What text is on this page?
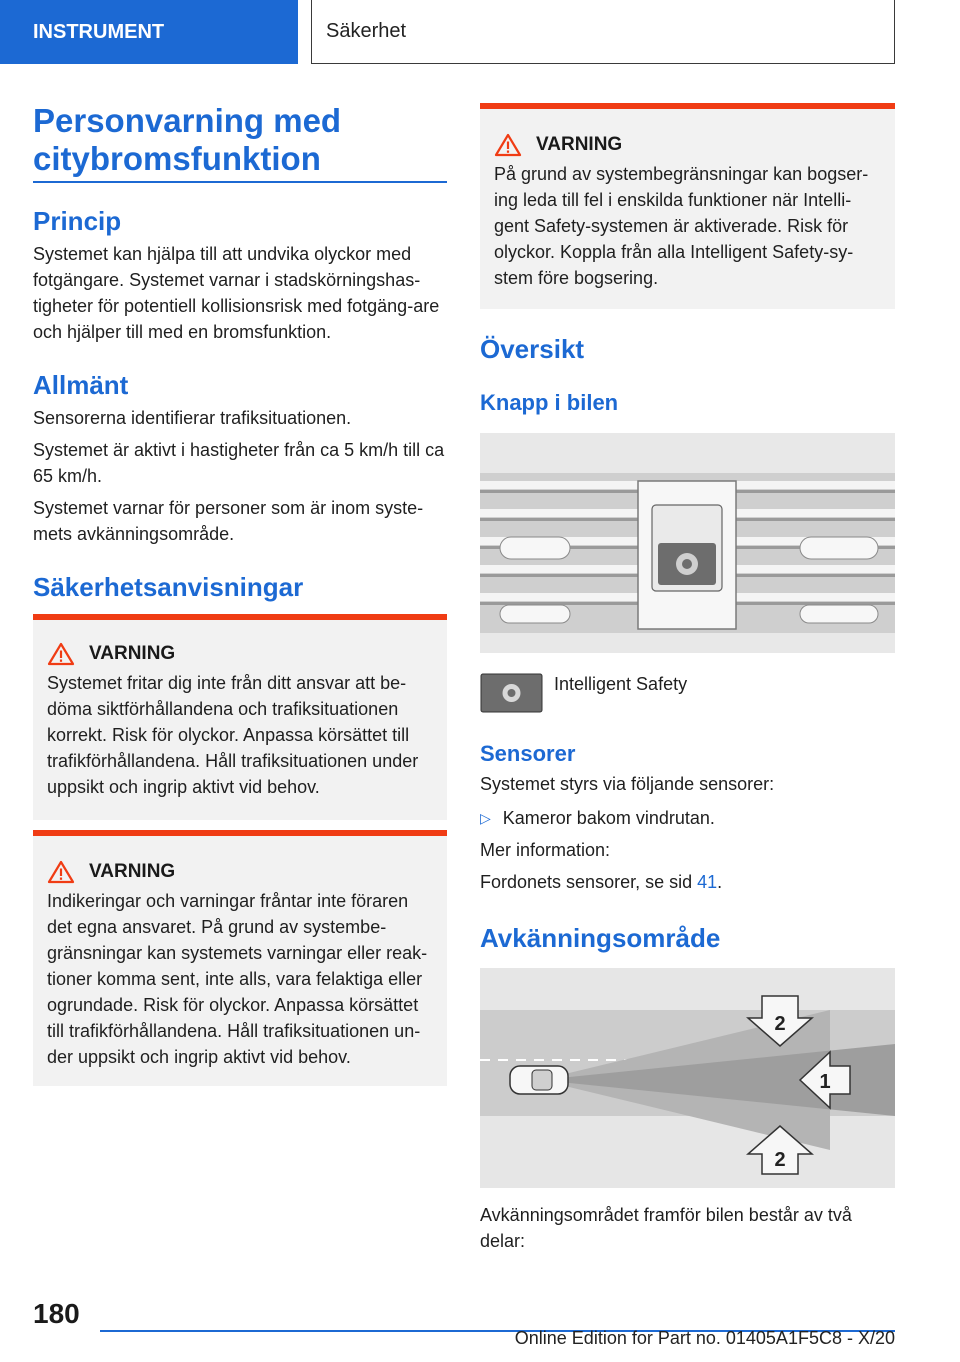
INSTRUMENT	Säkerhet
Personvarning med citybromsfunktion
Princip
Systemet kan hjälpa till att undvika olyckor med fotgängare. Systemet varnar i stadskörningshas-tigheter för potentiell kollisionsrisk med fotgäng-are och hjälper till med en bromsfunktion.
Allmänt
Sensorerna identifierar trafiksituationen.
Systemet är aktivt i hastigheter från ca 5 km/h till ca 65 km/h.
Systemet varnar för personer som är inom syste-mets avkänningsområde.
Säkerhetsanvisningar
VARNING
Systemet fritar dig inte från ditt ansvar att be-döma siktförhållandena och trafiksituationen korrekt. Risk för olyckor. Anpassa körsättet till trafikförhållandena. Håll trafiksituationen under uppsikt och ingrip aktivt vid behov.
VARNING
Indikeringar och varningar fråntar inte föraren det egna ansvaret. På grund av systembe-gränsningar kan systemets varningar eller reak-tioner komma sent, inte alls, vara felaktiga eller ogrundade. Risk för olyckor. Anpassa körsättet till trafikförhållandena. Håll trafiksituationen un-der uppsikt och ingrip aktivt vid behov.
VARNING
På grund av systembegränsningar kan bogser-ing leda till fel i enskilda funktioner när Intelli-gent Safety-systemen är aktiverade. Risk för olyckor. Koppla från alla Intelligent Safety-sy-stem före bogsering.
Översikt
Knapp i bilen
Intelligent Safety
Sensorer
Systemet styrs via följande sensorer:
▷ Kameror bakom vindrutan.
Mer information:
Fordonets sensorer, se sid 41.
Avkänningsområde
2
1
2
Avkänningsområdet framför bilen består av två delar:
180
Online Edition for Part no. 01405A1F5C8 - X/20
